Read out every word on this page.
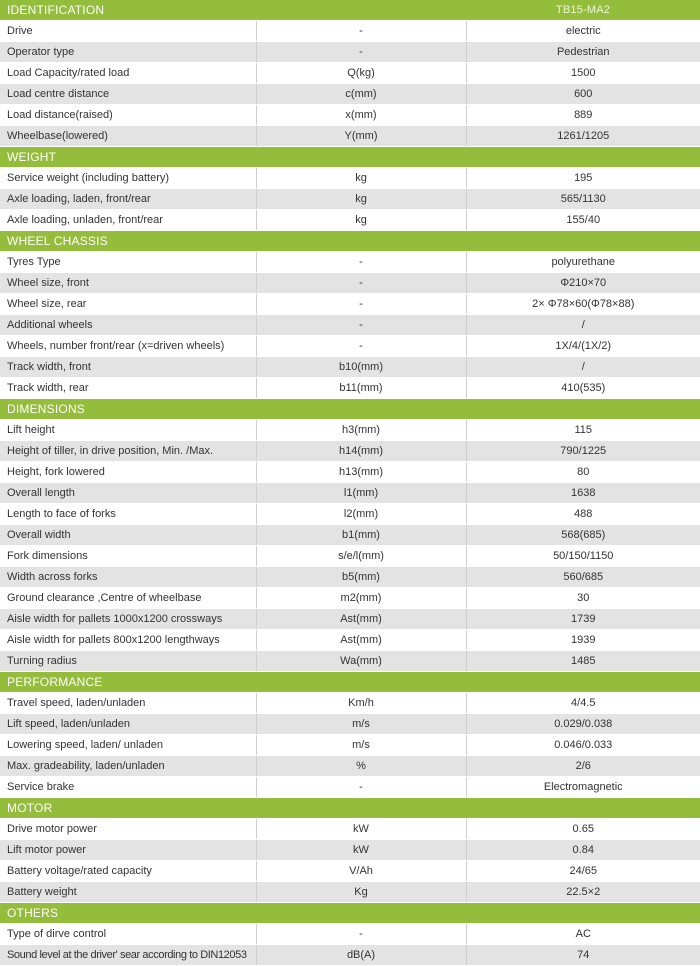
IDENTIFICATION		TB15-MA2
Drive	-	electric
Operator type	-	Pedestrian
Load Capacity/rated load	Q(kg)	1500
Load centre distance	c(mm)	600
Load distance(raised)	x(mm)	889
Wheelbase(lowered)	Y(mm)	1261/1205
WEIGHT		
Service weight (including battery)	kg	195
Axle loading, laden, front/rear	kg	565/1130
Axle loading, unladen, front/rear	kg	155/40
WHEEL CHASSIS		
Tyres Type	-	polyurethane
Wheel size, front	-	Φ210×70
Wheel size, rear	-	2× Φ78×60(Φ78×88)
Additional wheels	-	/
Wheels, number front/rear (x=driven wheels)	-	1X/4/(1X/2)
Track width, front	b10(mm)	/
Track width, rear	b11(mm)	410(535)
DIMENSIONS		
Lift height	h3(mm)	115
Height of tiller, in drive position, Min. /Max.	h14(mm)	790/1225
Height, fork lowered	h13(mm)	80
Overall length	l1(mm)	1638
Length to face of forks	l2(mm)	488
Overall width	b1(mm)	568(685)
Fork dimensions	s/e/l(mm)	50/150/1150
Width across forks	b5(mm)	560/685
Ground clearance ,Centre of wheelbase	m2(mm)	30
Aisle width for pallets 1000x1200 crossways	Ast(mm)	1739
Aisle width for pallets 800x1200 lengthways	Ast(mm)	1939
Turning radius	Wa(mm)	1485
PERFORMANCE		
Travel speed, laden/unladen	Km/h	4/4.5
Lift speed, laden/unladen	m/s	0.029/0.038
Lowering speed, laden/ unladen	m/s	0.046/0.033
Max. gradeability, laden/unladen	%	2/6
Service brake	-	Electromagnetic
MOTOR		
Drive motor power	kW	0.65
Lift motor power	kW	0.84
Battery voltage/rated capacity	V/Ah	24/65
Battery weight	Kg	22.5×2
OTHERS		
Type of dirve control	-	AC
Sound level at the driver' sear according to DIN12053	dB(A)	74
